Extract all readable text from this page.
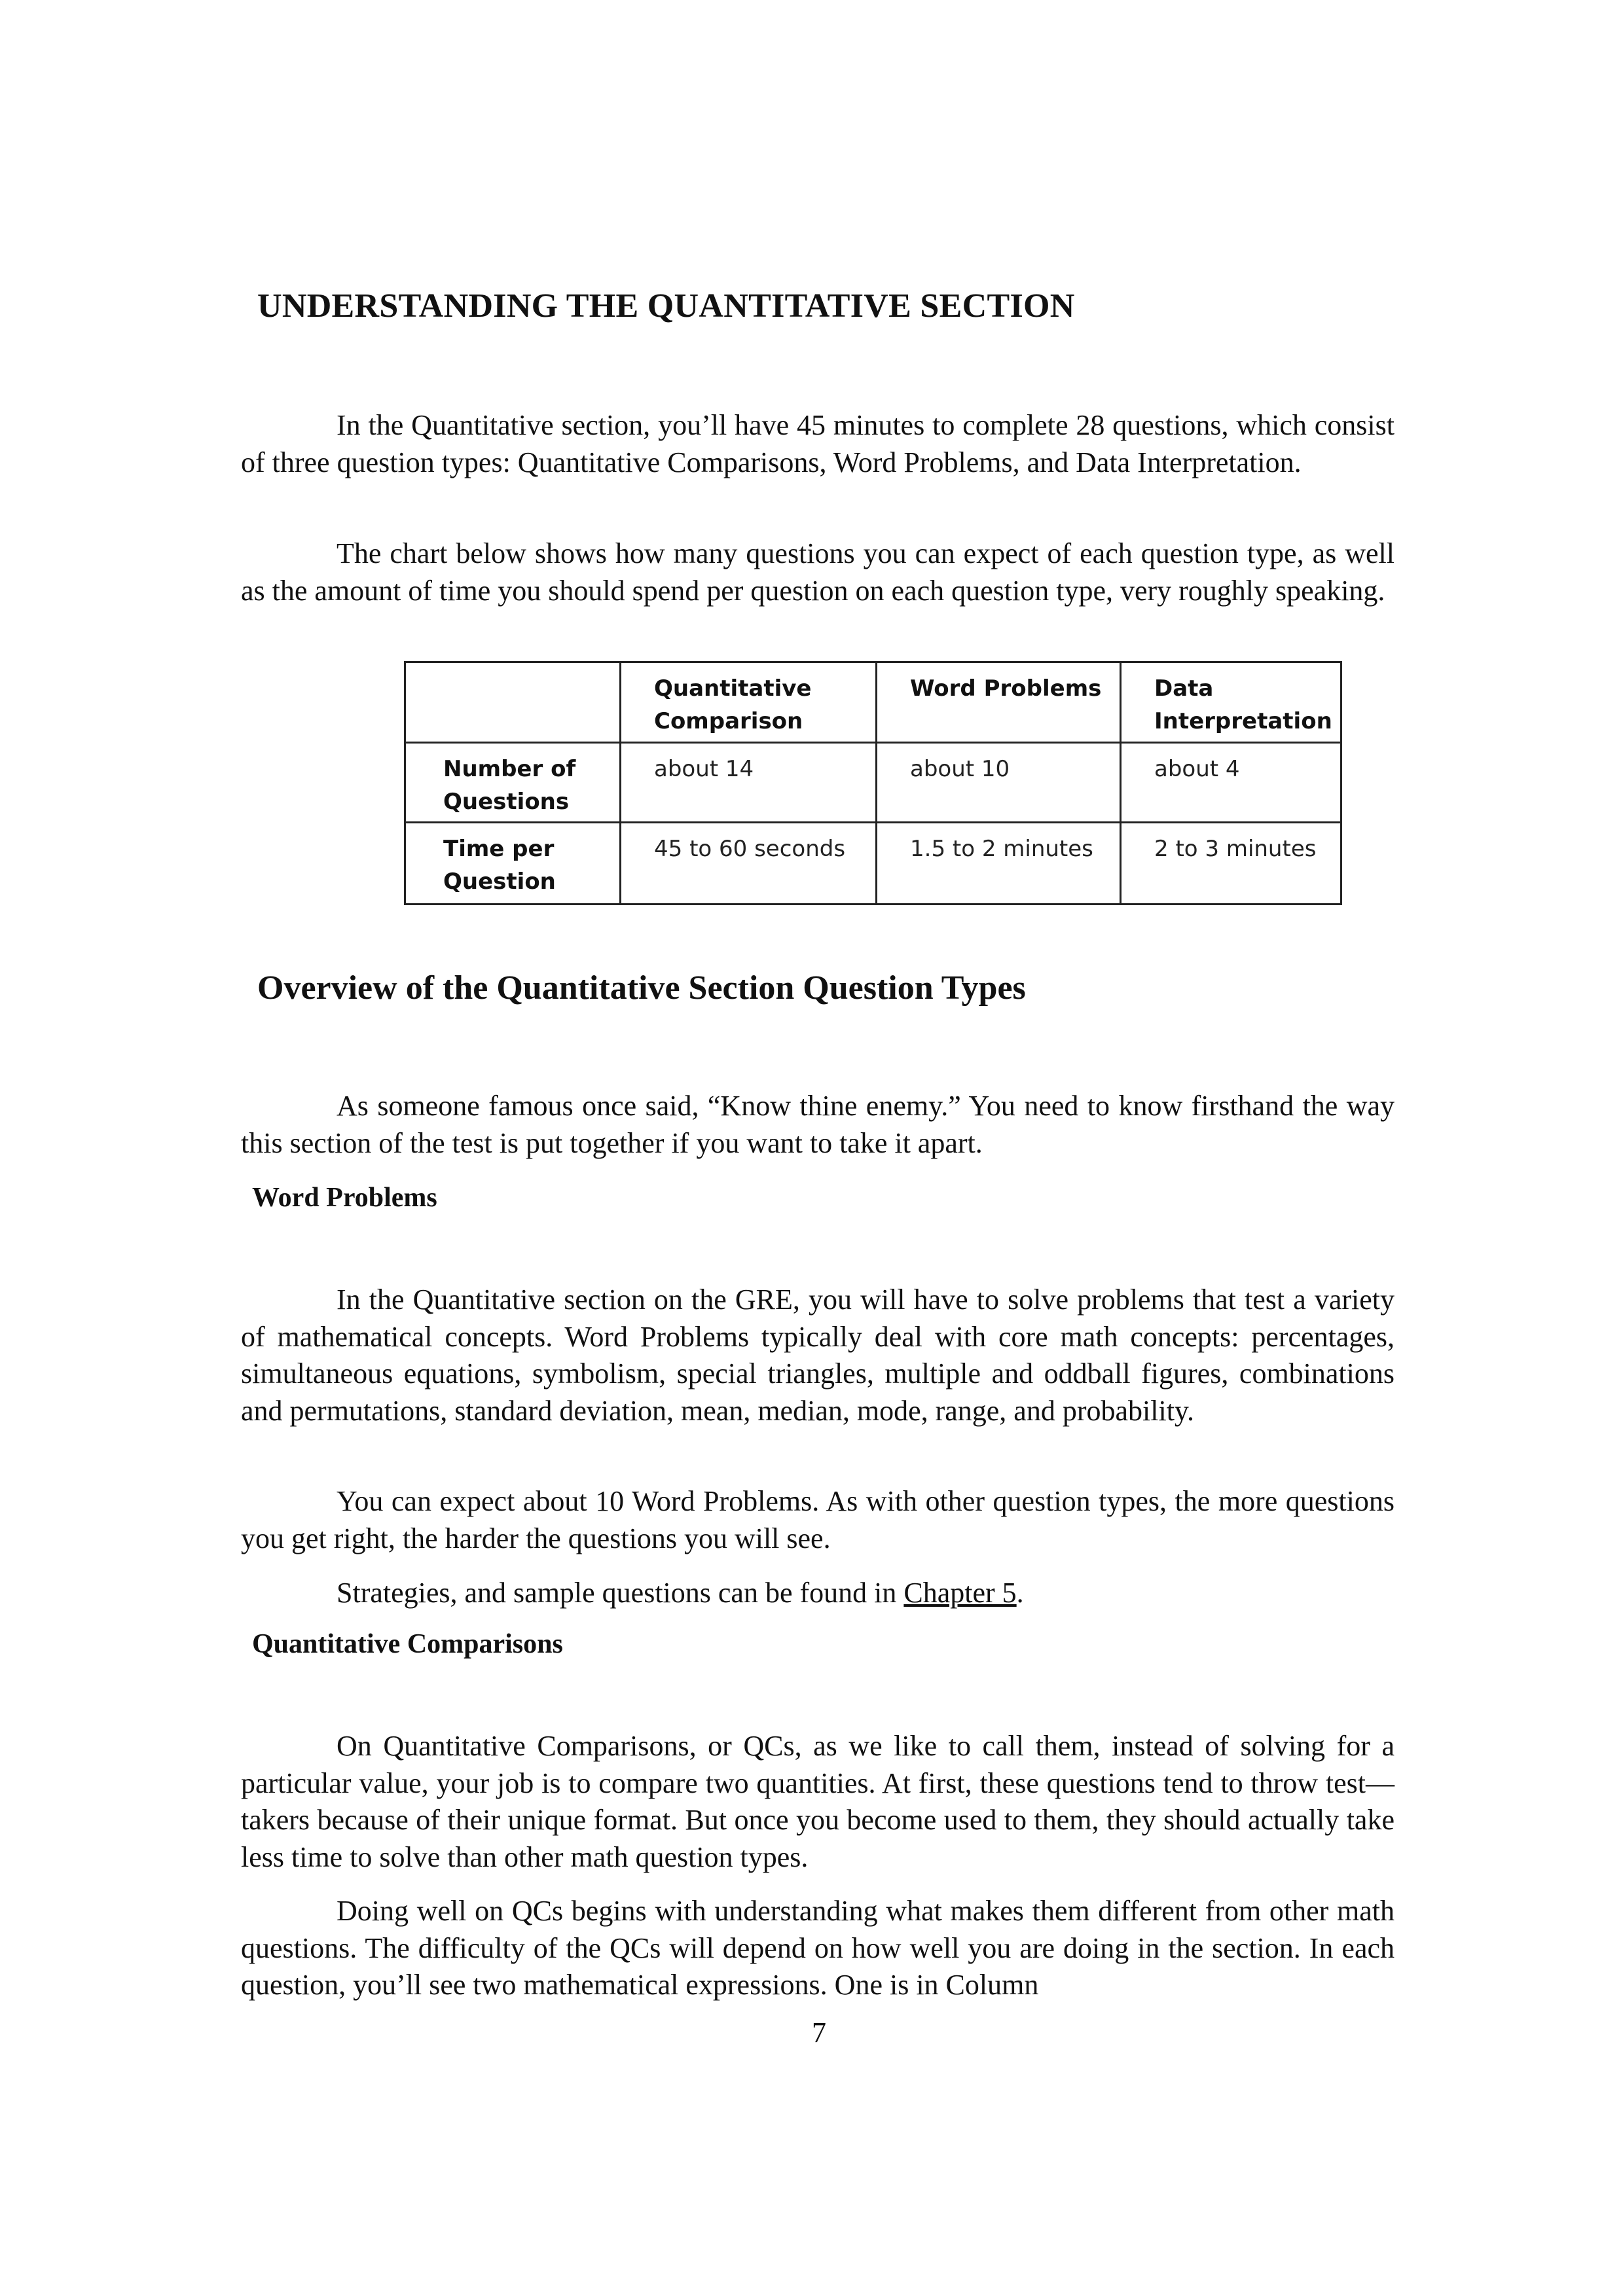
UNDERSTANDING THE QUANTITATIVE SECTION

In the Quantitative section, you’ll have 45 minutes to complete 28 questions, which consist of three question types: Quantitative Comparisons, Word Problems, and Data Interpretation.

The chart below shows how many questions you can expect of each question type, as well as the amount of time you should spend per question on each question type, very roughly speaking.

	Quantitative Comparison	Word Problems	Data Interpretation
Number of Questions	about 14	about 10	about 4
Time per Question	45 to 60 seconds	1.5 to 2 minutes	2 to 3 minutes
Overview of the Quantitative Section Question Types

As someone famous once said, “Know thine enemy.” You need to know firsthand the way this section of the test is put together if you want to take it apart.

Word Problems

In the Quantitative section on the GRE, you will have to solve problems that test a variety of mathematical concepts. Word Problems typically deal with core math concepts: percentages, simultaneous equations, symbolism, special triangles, multiple and oddball figures, combinations and permutations, standard deviation, mean, median, mode, range, and probability.

You can expect about 10 Word Problems. As with other question types, the more questions you get right, the harder the questions you will see.

Strategies, and sample questions can be found in Chapter 5.

Quantitative Comparisons

On Quantitative Comparisons, or QCs, as we like to call them, instead of solving for a particular value, your job is to compare two quantities. At first, these questions tend to throw test—takers because of their unique format. But once you become used to them, they should actually take less time to solve than other math question types.

Doing well on QCs begins with understanding what makes them different from other math questions. The difficulty of the QCs will depend on how well you are doing in the section. In each question, you’ll see two mathematical expressions. One is in Column

7
